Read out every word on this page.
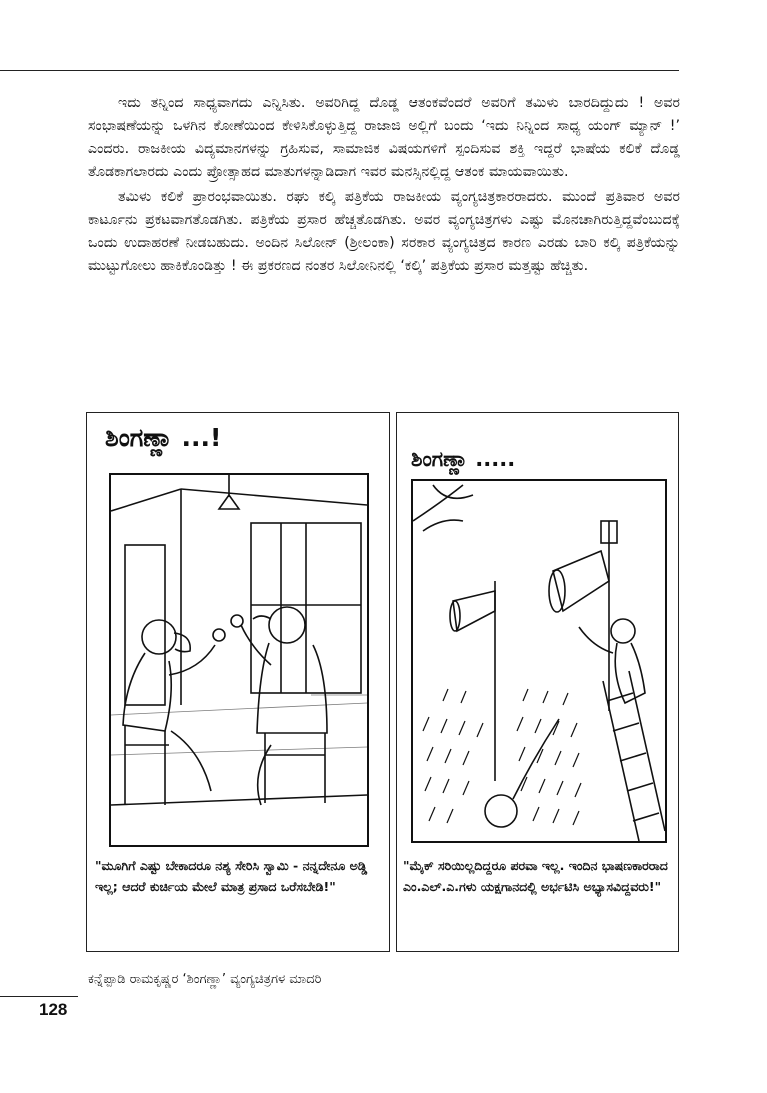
ಇದು ತನ್ನಿಂದ ಸಾಧ್ಯವಾಗದು ಎನ್ನಿಸಿತು. ಅವರಿಗಿದ್ದ ದೊಡ್ಡ ಆತಂಕವೆಂದರೆ ಅವರಿಗೆ ತಮಿಳು ಬಾರದಿದ್ದುದು ! ಅವರ ಸಂಭಾಷಣೆಯನ್ನು ಒಳಗಿನ ಕೋಣೆಯಿಂದ ಕೇಳಿಸಿಕೊಳ್ಳುತ್ತಿದ್ದ ರಾಜಾಜಿ ಅಲ್ಲಿಗೆ ಬಂದು ‘ಇದು ನಿನ್ನಿಂದ ಸಾಧ್ಯ ಯಂಗ್ ಮ್ಯಾನ್ !’ ಎಂದರು. ರಾಜಕೀಯ ವಿದ್ಯಮಾನಗಳನ್ನು ಗ್ರಹಿಸುವ, ಸಾಮಾಜಿಕ ವಿಷಯಗಳಿಗೆ ಸ್ಪಂದಿಸುವ ಶಕ್ತಿ ಇದ್ದರೆ ಭಾಷೆಯ ಕಲಿಕೆ ದೊಡ್ಡ ತೊಡಕಾಗಲಾರದು ಎಂದು ಪ್ರೋತ್ಸಾಹದ ಮಾತುಗಳನ್ನಾಡಿದಾಗ ಇವರ ಮನಸ್ಸಿನಲ್ಲಿದ್ದ ಆತಂಕ ಮಾಯವಾಯಿತು.

ತಮಿಳು ಕಲಿಕೆ ಪ್ರಾರಂಭವಾಯಿತು. ರಘು ಕಲ್ಕಿ ಪತ್ರಿಕೆಯ ರಾಜಕೀಯ ವ್ಯಂಗ್ಯಚಿತ್ರಕಾರರಾದರು. ಮುಂದೆ ಪ್ರತಿವಾರ ಅವರ ಕಾರ್ಟೂನು ಪ್ರಕಟವಾಗತೊಡಗಿತು. ಪತ್ರಿಕೆಯ ಪ್ರಸಾರ ಹೆಚ್ಚತೊಡಗಿತು. ಅವರ ವ್ಯಂಗ್ಯಚಿತ್ರಗಳು ಎಷ್ಟು ಮೊನಚಾಗಿರುತ್ತಿದ್ದವೆಂಬುದಕ್ಕೆ ಒಂದು ಉದಾಹರಣೆ ನೀಡಬಹುದು. ಅಂದಿನ ಸಿಲೋನ್ (ಶ್ರೀಲಂಕಾ) ಸರಕಾರ ವ್ಯಂಗ್ಯಚಿತ್ರದ ಕಾರಣ ಎರಡು ಬಾರಿ ಕಲ್ಕಿ ಪತ್ರಿಕೆಯನ್ನು ಮುಟ್ಟುಗೋಲು ಹಾಕಿಕೊಂಡಿತ್ತು ! ಈ ಪ್ರಕರಣದ ನಂತರ ಸಿಲೋನಿನಲ್ಲಿ ‘ಕಲ್ಕಿ’ ಪತ್ರಿಕೆಯ ಪ್ರಸಾರ ಮತ್ತಷ್ಟು ಹೆಚ್ಚಿತು.

ಶಿಂಗಣ್ಣಾ ...!
"ಮೂಗಿಗೆ ಎಷ್ಟು ಬೇಕಾದರೂ ನಶ್ಯ ಸೇರಿಸಿ ಸ್ವಾಮಿ - ನನ್ನದೇನೂ ಅಡ್ಡಿ ಇಲ್ಲ; ಆದರೆ ಕುರ್ಚಿಯ ಮೇಲೆ ಮಾತ್ರ ಪ್ರಸಾದ ಒರೆಸಬೇಡಿ!"
ಶಿಂಗಣ್ಣಾ .....
"ಮೈಕ್ ಸರಿಯಿಲ್ಲದಿದ್ದರೂ ಪರವಾ ಇಲ್ಲ. ಇಂದಿನ ಭಾಷಣಕಾರರಾದ ಎಂ.ಎಲ್.ಎ.ಗಳು ಯಕ್ಷಗಾನದಲ್ಲಿ ಅರ್ಭಟಿಸಿ ಅಭ್ಯಾಸವಿದ್ದವರು!"
ಕನ್ನೆಪ್ಪಾಡಿ ರಾಮಕೃಷ್ಣರ ‘ಶಿಂಗಣ್ಣಾ’ ವ್ಯಂಗ್ಯಚಿತ್ರಗಳ ಮಾದರಿ
128
